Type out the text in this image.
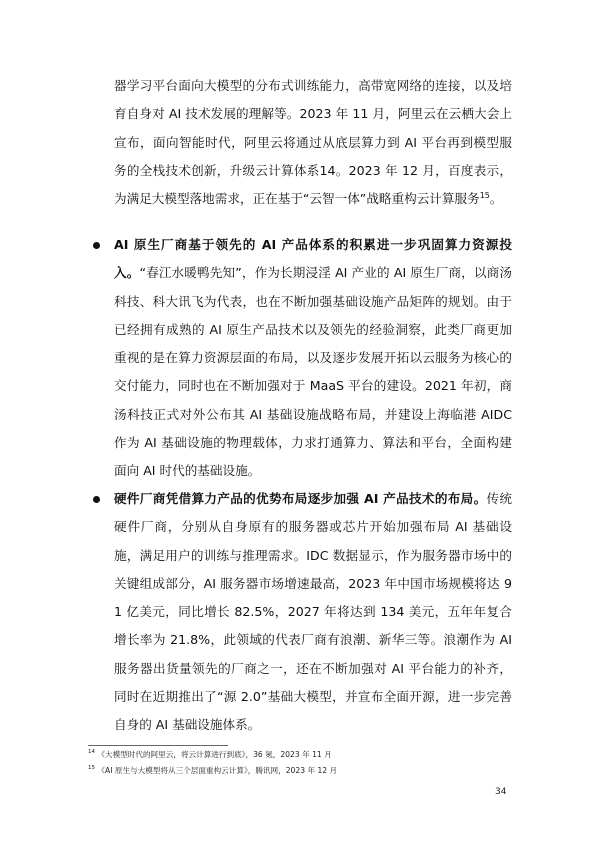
器学习平台面向大模型的分布式训练能力，高带宽网络的连接，以及培育自身对 AI 技术发展的理解等。2023 年 11 月，阿里云在云栖大会上宣布，面向智能时代，阿里云将通过从底层算力到 AI 平台再到模型服务的全栈技术创新，升级云计算体系14。2023 年 12 月，百度表示，为满足大模型落地需求，正在基于“云智一体”战略重构云计算服务$^{15}$。

AI 原生厂商基于领先的 AI 产品体系的积累进一步巩固算力资源投入。“春江水暖鸭先知”，作为长期浸淫 AI 产业的 AI 原生厂商，以商汤科技、科大讯飞为代表，也在不断加强基础设施产品矩阵的规划。由于已经拥有成熟的 AI 原生产品技术以及领先的经验洞察，此类厂商更加重视的是在算力资源层面的布局，以及逐步发展开拓以云服务为核心的交付能力，同时也在不断加强对于 MaaS 平台的建设。2021 年初，商汤科技正式对外公布其 AI 基础设施战略布局，并建设上海临港 AIDC 作为 AI 基础设施的物理载体，力求打通算力、算法和平台，全面构建面向 AI 时代的基础设施。

硬件厂商凭借算力产品的优势布局逐步加强 AI 产品技术的布局。传统硬件厂商，分别从自身原有的服务器或芯片开始加强布局 AI 基础设施，满足用户的训练与推理需求。IDC 数据显示，作为服务器市场中的关键组成部分，AI 服务器市场增速最高，2023 年中国市场规模将达 91 亿美元，同比增长 82.5%，2027 年将达到 134 美元，五年年复合增长率为 21.8%，此领域的代表厂商有浪潮、新华三等。浪潮作为 AI 服务器出货量领先的厂商之一，还在不断加强对 AI 平台能力的补齐，同时在近期推出了“源 2.0”基础大模型，并宣布全面开源，进一步完善自身的 AI 基础设施体系。

$^{14}$ 《大模型时代的阿里云，将云计算进行到底》，36 氪，2023 年 11 月
$^{15}$ 《AI 原生与大模型将从三个层面重构云计算》，腾讯网，2023 年 12 月
34
